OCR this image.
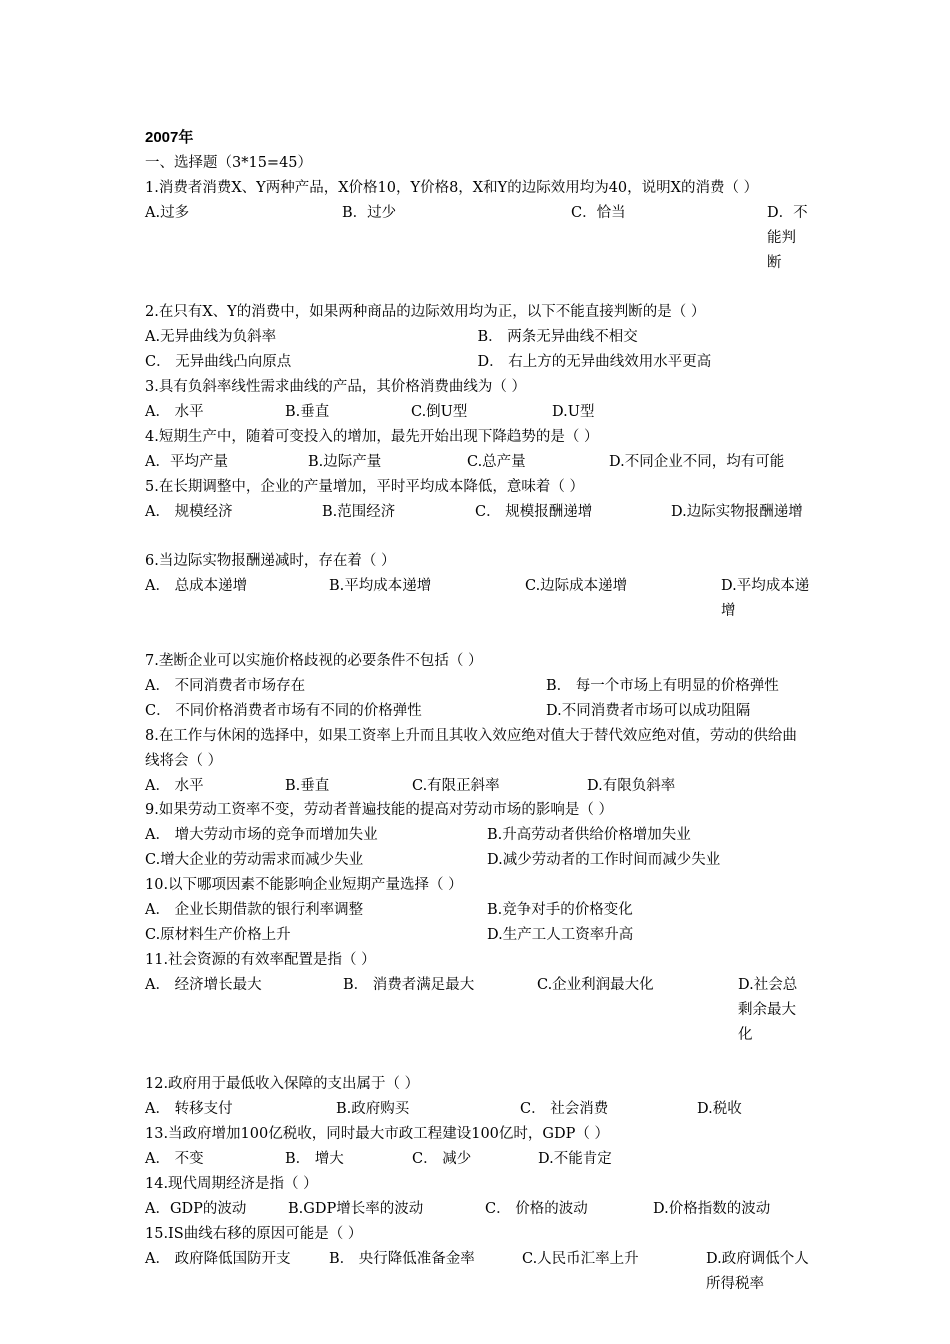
2007年
一、选择题（3*15=45）
1.消费者消费X、Y两种产品，X价格10，Y价格8，X和Y的边际效用均为40，说明X的消费（ ）
A.过多	B．过少	C．恰当	D．不能判断
2.在只有X、Y的消费中，如果两种商品的边际效用均为正，以下不能直接判断的是（ ）
A.无异曲线为负斜率	B． 两条无异曲线不相交
C． 无异曲线凸向原点	D． 右上方的无异曲线效用水平更高
3.具有负斜率线性需求曲线的产品，其价格消费曲线为（ ）
A． 水平	B.垂直	C.倒U型	D.U型
4.短期生产中，随着可变投入的增加，最先开始出现下降趋势的是（ ）
A．平均产量	B.边际产量	C.总产量	D.不同企业不同，均有可能
5.在长期调整中，企业的产量增加，平时平均成本降低，意味着（ ）
A． 规模经济	B.范围经济	C． 规模报酬递增	D.边际实物报酬递增
6.当边际实物报酬递减时，存在着（ ）
A． 总成本递增	B.平均成本递增	C.边际成本递增	D.平均成本递增
7.垄断企业可以实施价格歧视的必要条件不包括（ ）
A． 不同消费者市场存在	B． 每一个市场上有明显的价格弹性
C． 不同价格消费者市场有不同的价格弹性	D.不同消费者市场可以成功阻隔
8.在工作与休闲的选择中，如果工资率上升而且其收入效应绝对值大于替代效应绝对值，劳动的供给曲线将会（ ）
A． 水平	B.垂直	C.有限正斜率	D.有限负斜率
9.如果劳动工资率不变，劳动者普遍技能的提高对劳动市场的影响是（ ）
A． 增大劳动市场的竞争而增加失业	B.升高劳动者供给价格增加失业
C.增大企业的劳动需求而减少失业	D.减少劳动者的工作时间而减少失业
10.以下哪项因素不能影响企业短期产量选择（ ）
A． 企业长期借款的银行利率调整	B.竞争对手的价格变化
C.原材料生产价格上升	D.生产工人工资率升高
11.社会资源的有效率配置是指（ ）
A． 经济增长最大	B． 消费者满足最大	C.企业利润最大化	D.社会总剩余最大化
12.政府用于最低收入保障的支出属于（ ）
A． 转移支付	B.政府购买	C． 社会消费	D.税收
13.当政府增加100亿税收，同时最大市政工程建设100亿时，GDP（ ）
A． 不变	B． 增大	C． 减少	D.不能肯定
14.现代周期经济是指（ ）
A．GDP的波动	B.GDP增长率的波动	C． 价格的波动	D.价格指数的波动
15.IS曲线右移的原因可能是（ ）
A． 政府降低国防开支	B． 央行降低准备金率	C.人民币汇率上升	D.政府调低个人所得税率
